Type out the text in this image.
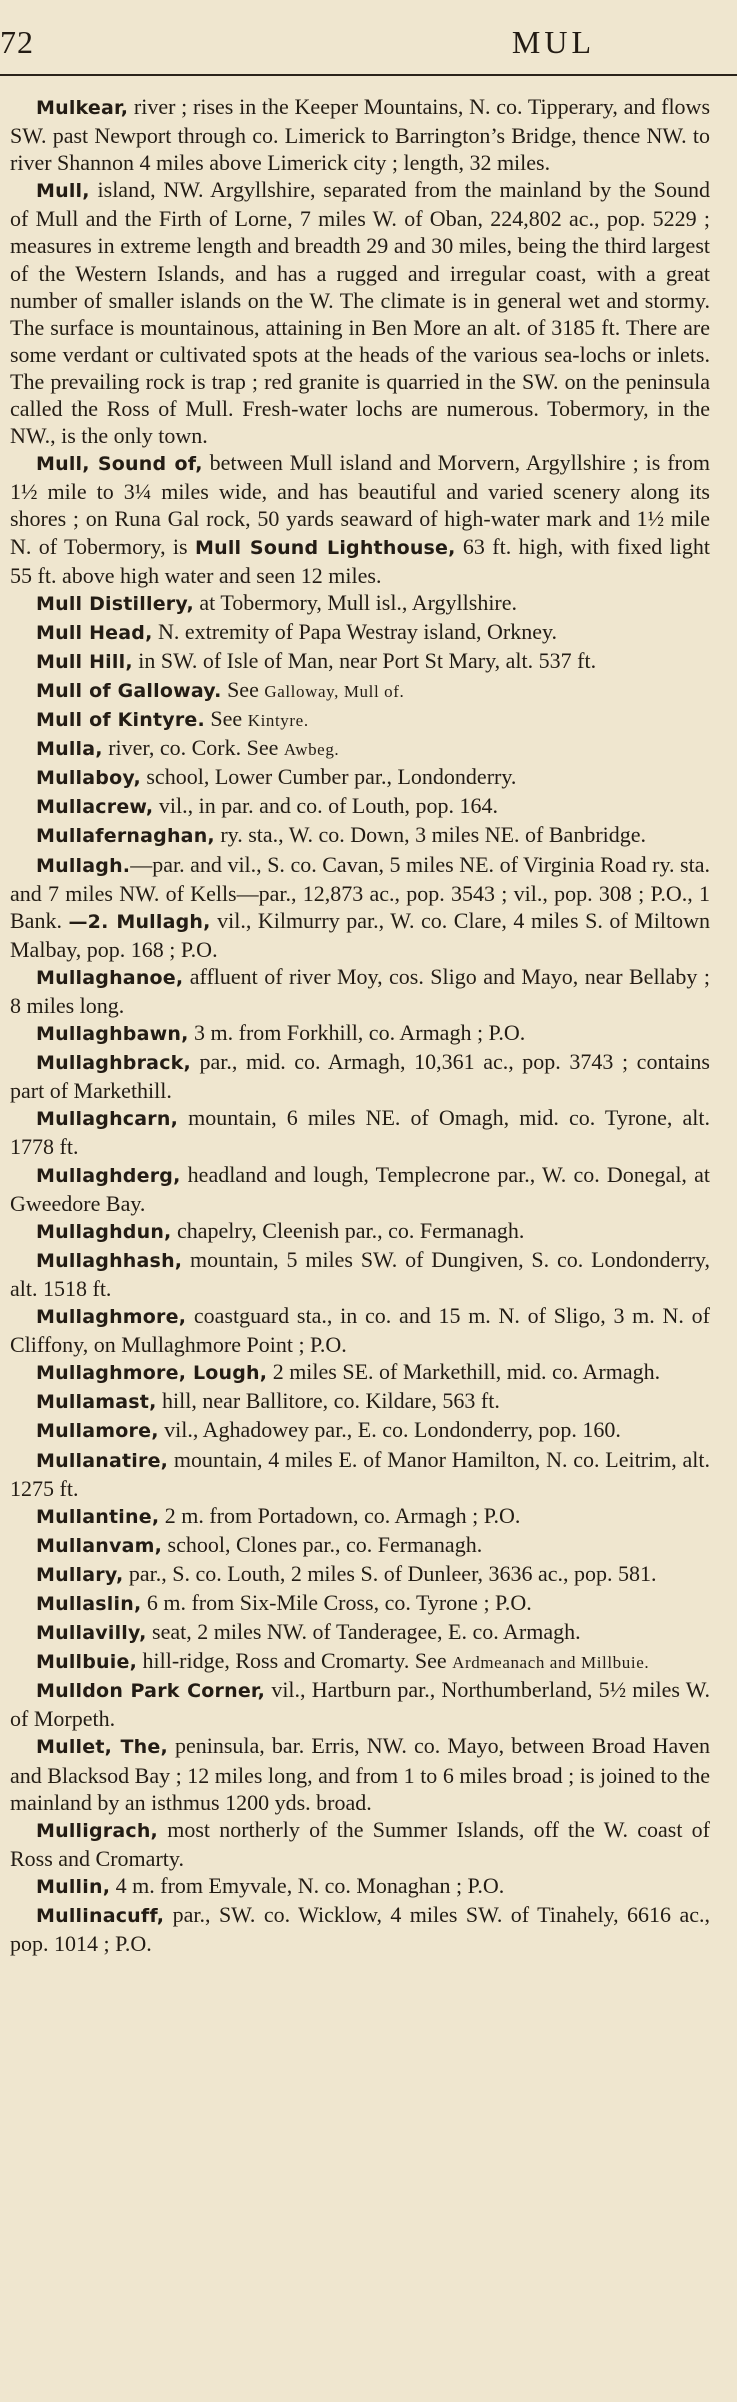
72	MUL

Mulkear, river ; rises in the Keeper Mountains, N. co. Tipperary, and flows SW. past Newport through co. Limerick to Barrington’s Bridge, thence NW. to river Shannon 4 miles above Limerick city ; length, 32 miles.

Mull, island, NW. Argyllshire, separated from the mainland by the Sound of Mull and the Firth of Lorne, 7 miles W. of Oban, 224,802 ac., pop. 5229 ; measures in extreme length and breadth 29 and 30 miles, being the third largest of the Western Islands, and has a rugged and irregular coast, with a great number of smaller islands on the W. The climate is in general wet and stormy. The surface is mountainous, attaining in Ben More an alt. of 3185 ft. There are some verdant or cultivated spots at the heads of the various sea-lochs or inlets. The prevailing rock is trap ; red granite is quarried in the SW. on the peninsula called the Ross of Mull. Fresh-water lochs are numerous. Tobermory, in the NW., is the only town.

Mull, Sound of, between Mull island and Morvern, Argyllshire ; is from 1½ mile to 3¼ miles wide, and has beautiful and varied scenery along its shores ; on Runa Gal rock, 50 yards seaward of high-water mark and 1½ mile N. of Tobermory, is Mull Sound Lighthouse, 63 ft. high, with fixed light 55 ft. above high water and seen 12 miles.

Mull Distillery, at Tobermory, Mull isl., Argyllshire.

Mull Head, N. extremity of Papa Westray island, Orkney.

Mull Hill, in SW. of Isle of Man, near Port St Mary, alt. 537 ft.

Mull of Galloway. See Galloway, Mull of.

Mull of Kintyre. See Kintyre.

Mulla, river, co. Cork. See Awbeg.

Mullaboy, school, Lower Cumber par., Londonderry.

Mullacrew, vil., in par. and co. of Louth, pop. 164.

Mullafernaghan, ry. sta., W. co. Down, 3 miles NE. of Banbridge.

Mullagh.—par. and vil., S. co. Cavan, 5 miles NE. of Virginia Road ry. sta. and 7 miles NW. of Kells—par., 12,873 ac., pop. 3543 ; vil., pop. 308 ; P.O., 1 Bank. —2. Mullagh, vil., Kilmurry par., W. co. Clare, 4 miles S. of Miltown Malbay, pop. 168 ; P.O.

Mullaghanoe, affluent of river Moy, cos. Sligo and Mayo, near Bellaby ; 8 miles long.

Mullaghbawn, 3 m. from Forkhill, co. Armagh ; P.O.

Mullaghbrack, par., mid. co. Armagh, 10,361 ac., pop. 3743 ; contains part of Markethill.

Mullaghcarn, mountain, 6 miles NE. of Omagh, mid. co. Tyrone, alt. 1778 ft.

Mullaghderg, headland and lough, Templecrone par., W. co. Donegal, at Gweedore Bay.

Mullaghdun, chapelry, Cleenish par., co. Fermanagh.

Mullaghhash, mountain, 5 miles SW. of Dungiven, S. co. Londonderry, alt. 1518 ft.

Mullaghmore, coastguard sta., in co. and 15 m. N. of Sligo, 3 m. N. of Cliffony, on Mullaghmore Point ; P.O.

Mullaghmore, Lough, 2 miles SE. of Markethill, mid. co. Armagh.

Mullamast, hill, near Ballitore, co. Kildare, 563 ft.

Mullamore, vil., Aghadowey par., E. co. Londonderry, pop. 160.

Mullanatire, mountain, 4 miles E. of Manor Hamilton, N. co. Leitrim, alt. 1275 ft.

Mullantine, 2 m. from Portadown, co. Armagh ; P.O.

Mullanvam, school, Clones par., co. Fermanagh.

Mullary, par., S. co. Louth, 2 miles S. of Dunleer, 3636 ac., pop. 581.

Mullaslin, 6 m. from Six-Mile Cross, co. Tyrone ; P.O.

Mullavilly, seat, 2 miles NW. of Tanderagee, E. co. Armagh.

Mullbuie, hill-ridge, Ross and Cromarty. See Ardmeanach and Millbuie.

Mulldon Park Corner, vil., Hartburn par., Northumberland, 5½ miles W. of Morpeth.

Mullet, The, peninsula, bar. Erris, NW. co. Mayo, between Broad Haven and Blacksod Bay ; 12 miles long, and from 1 to 6 miles broad ; is joined to the mainland by an isthmus 1200 yds. broad.

Mulligrach, most northerly of the Summer Islands, off the W. coast of Ross and Cromarty.

Mullin, 4 m. from Emyvale, N. co. Monaghan ; P.O.

Mullinacuff, par., SW. co. Wicklow, 4 miles SW. of Tinahely, 6616 ac., pop. 1014 ; P.O.
